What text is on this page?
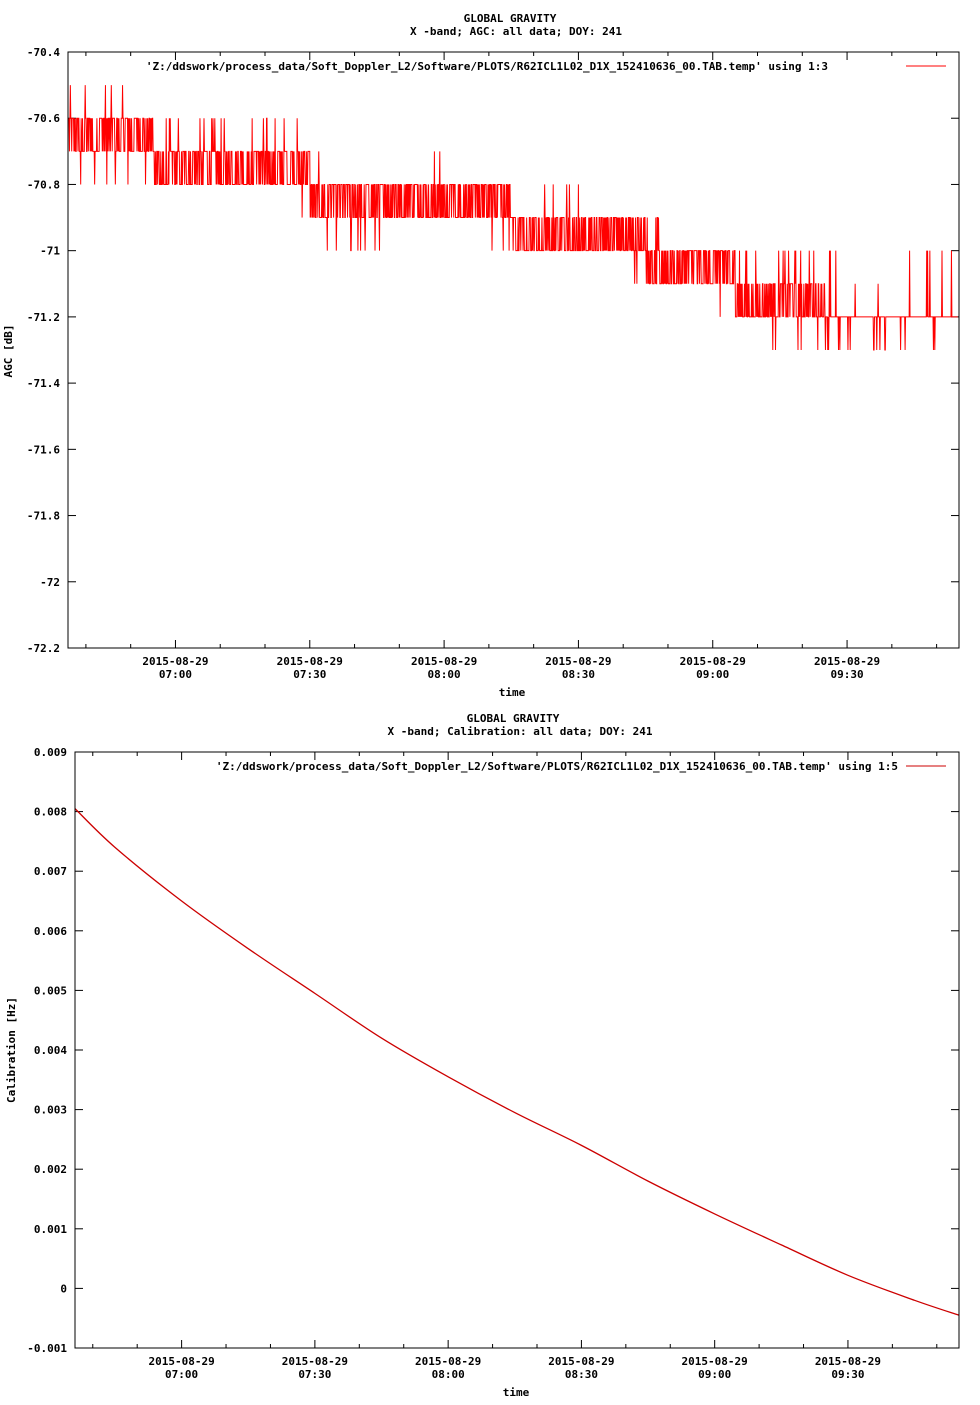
GLOBAL GRAVITY
X -band; AGC: all data; DOY: 241
AGC [dB]
time
'Z:/ddswork/process_data/Soft_Doppler_L2/Software/PLOTS/R62ICL1L02_D1X_152410636_00.TAB.temp' using 1:3
-70.4
-70.6
-70.8
-71
-71.2
-71.4
-71.6
-71.8
-72
-72.2
2015-08-29
07:00
2015-08-29
07:30
2015-08-29
08:00
2015-08-29
08:30
2015-08-29
09:00
2015-08-29
09:30
GLOBAL GRAVITY
X -band; Calibration: all data; DOY: 241
Calibration [Hz]
time
'Z:/ddswork/process_data/Soft_Doppler_L2/Software/PLOTS/R62ICL1L02_D1X_152410636_00.TAB.temp' using 1:5
0.009
0.008
0.007
0.006
0.005
0.004
0.003
0.002
0.001
0
-0.001
2015-08-29
07:00
2015-08-29
07:30
2015-08-29
08:00
2015-08-29
08:30
2015-08-29
09:00
2015-08-29
09:30
